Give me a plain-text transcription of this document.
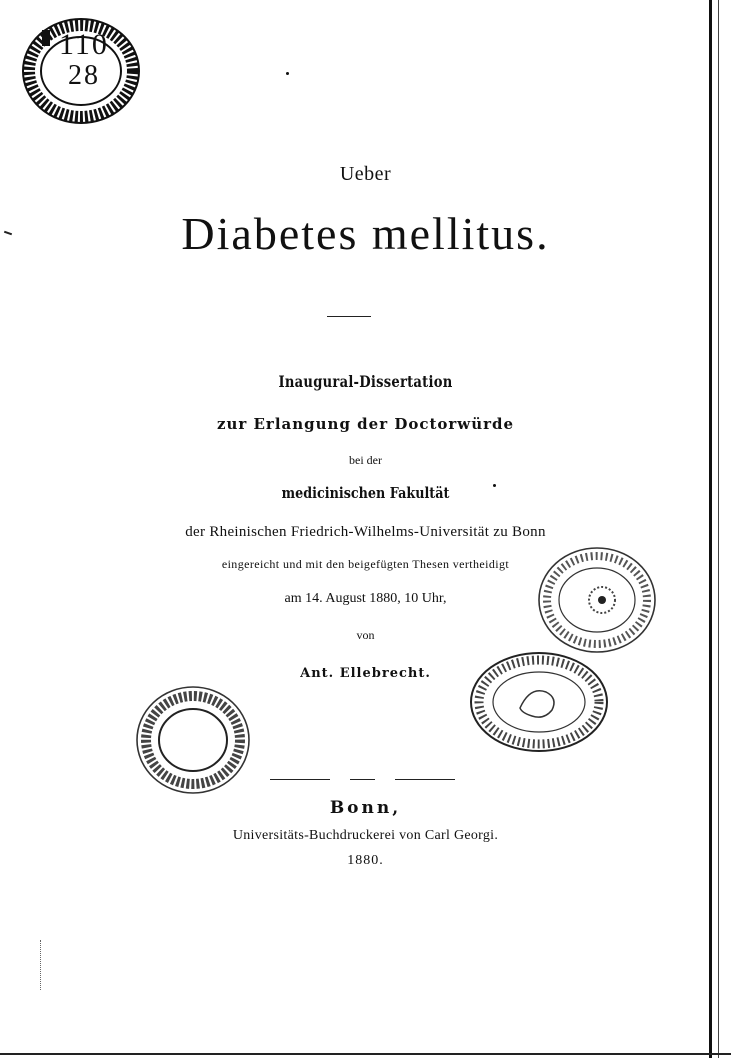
110
28
Ueber
Diabetes mellitus.
Inaugural-Dissertation
zur Erlangung der Doctorwürde
bei der
medicinischen Fakultät
der Rheinischen Friedrich-Wilhelms-Universität zu Bonn
eingereicht und mit den beigefügten Thesen vertheidigt
am 14. August 1880, 10 Uhr,
von
Ant. Ellebrecht.
Bonn,
Universitäts-Buchdruckerei von Carl Georgi.
1880.
